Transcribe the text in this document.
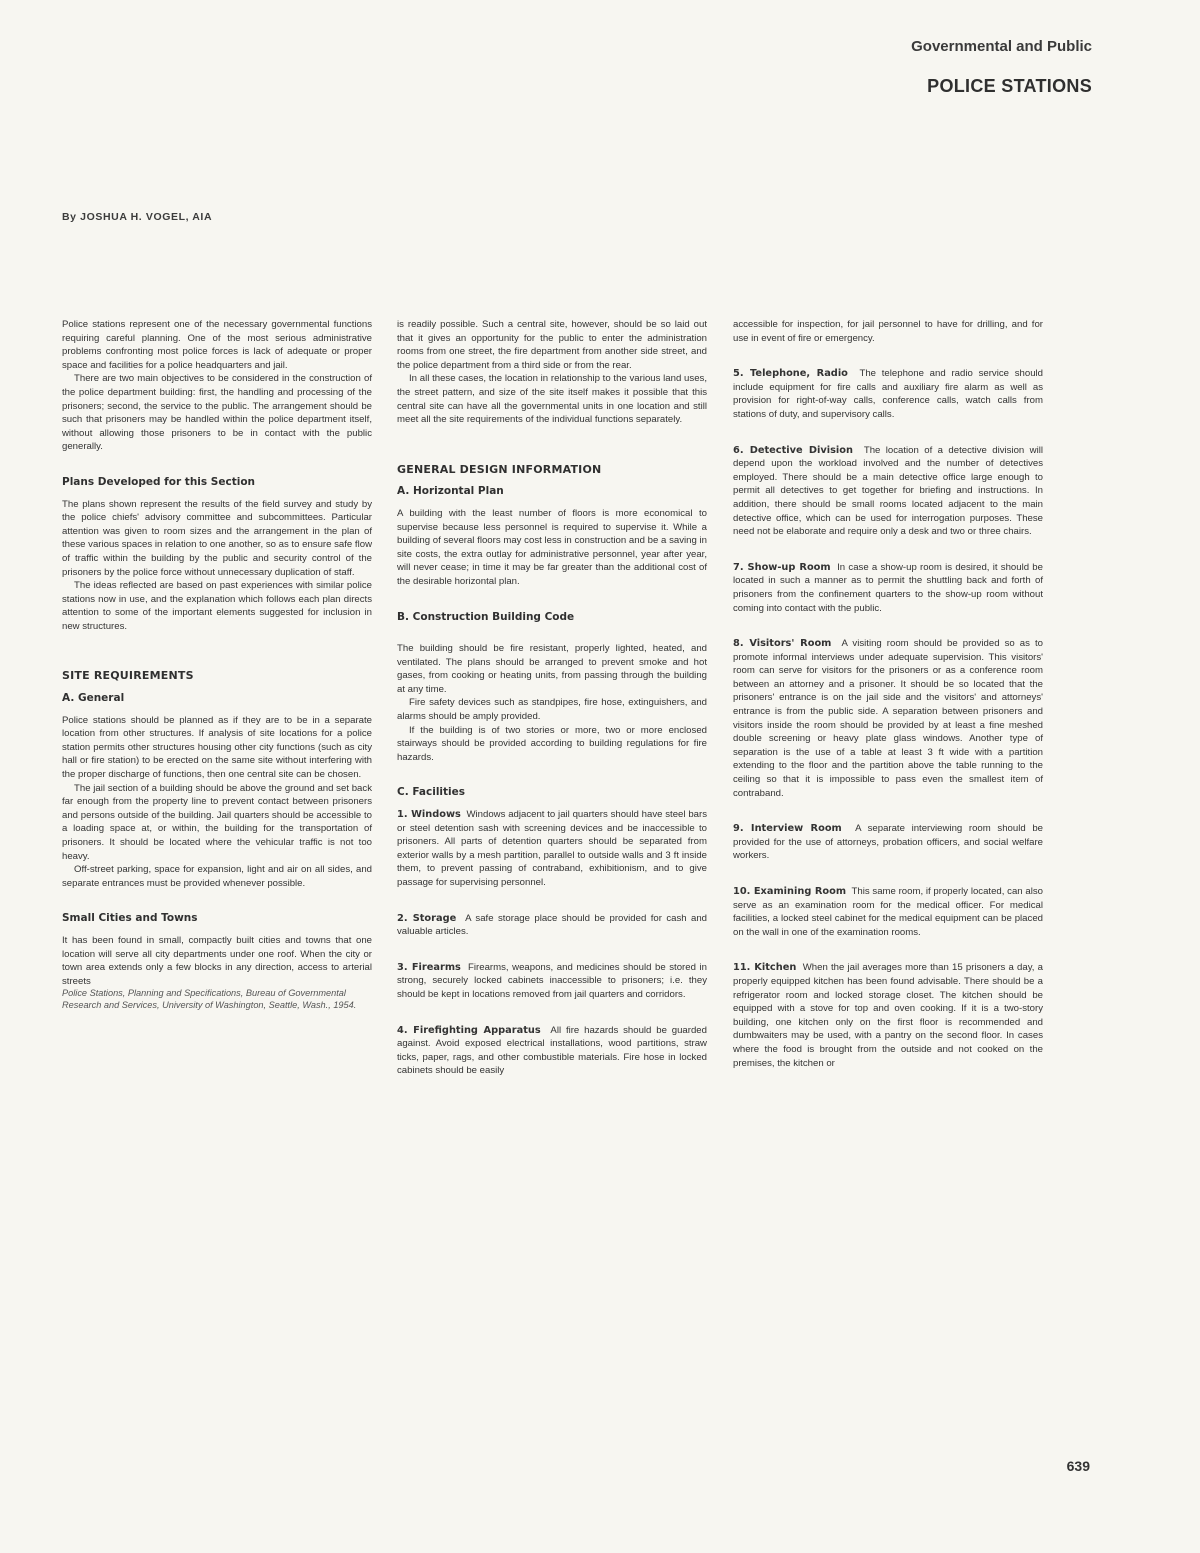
Governmental and Public
POLICE STATIONS
By JOSHUA H. VOGEL, AIA

Police stations represent one of the necessary governmental functions requiring careful planning. One of the most serious administrative problems confronting most police forces is lack of adequate or proper space and facilities for a police headquarters and jail.

There are two main objectives to be considered in the construction of the police department building: first, the handling and processing of the prisoners; second, the service to the public. The arrangement should be such that prisoners may be handled within the police department itself, without allowing those prisoners to be in contact with the public generally.

Plans Developed for this Section

The plans shown represent the results of the field survey and study by the police chiefs' advisory committee and subcommittees. Particular attention was given to room sizes and the arrangement in the plan of these various spaces in relation to one another, so as to ensure safe flow of traffic within the building by the public and security control of the prisoners by the police force without unnecessary duplication of staff.

The ideas reflected are based on past experiences with similar police stations now in use, and the explanation which follows each plan directs attention to some of the important elements suggested for inclusion in new structures.

SITE REQUIREMENTS
A. General

Police stations should be planned as if they are to be in a separate location from other structures. If analysis of site locations for a police station permits other structures housing other city functions (such as city hall or fire station) to be erected on the same site without interfering with the proper discharge of functions, then one central site can be chosen.

The jail section of a building should be above the ground and set back far enough from the property line to prevent contact between prisoners and persons outside of the building. Jail quarters should be accessible to a loading space at, or within, the building for the transportation of prisoners. It should be located where the vehicular traffic is not too heavy.

Off-street parking, space for expansion, light and air on all sides, and separate entrances must be provided whenever possible.

Small Cities and Towns

It has been found in small, compactly built cities and towns that one location will serve all city departments under one roof. When the city or town area extends only a few blocks in any direction, access to arterial streets

Police Stations, Planning and Specifications, Bureau of Governmental Research and Services, University of Washington, Seattle, Wash., 1954.

is readily possible. Such a central site, however, should be so laid out that it gives an opportunity for the public to enter the administration rooms from one street, the fire department from another side street, and the police department from a third side or from the rear.

In all these cases, the location in relationship to the various land uses, the street pattern, and size of the site itself makes it possible that this central site can have all the governmental units in one location and still meet all the site requirements of the individual functions separately.

GENERAL DESIGN INFORMATION
A. Horizontal Plan

A building with the least number of floors is more economical to supervise because less personnel is required to supervise it. While a building of several floors may cost less in construction and be a saving in site costs, the extra outlay for administrative personnel, year after year, will never cease; in time it may be far greater than the additional cost of the desirable horizontal plan.

B. Construction Building Code

The building should be fire resistant, properly lighted, heated, and ventilated. The plans should be arranged to prevent smoke and hot gases, from cooking or heating units, from passing through the building at any time.

Fire safety devices such as standpipes, fire hose, extinguishers, and alarms should be amply provided.

If the building is of two stories or more, two or more enclosed stairways should be provided according to building regulations for fire hazards.

C. Facilities

1. Windows Windows adjacent to jail quarters should have steel bars or steel detention sash with screening devices and be inaccessible to prisoners. All parts of detention quarters should be separated from exterior walls by a mesh partition, parallel to outside walls and 3 ft inside them, to prevent passing of contraband, exhibitionism, and to give passage for supervising personnel.

2. Storage A safe storage place should be provided for cash and valuable articles.

3. Firearms Firearms, weapons, and medicines should be stored in strong, securely locked cabinets inaccessible to prisoners; i.e. they should be kept in locations removed from jail quarters and corridors.

4. Firefighting Apparatus All fire hazards should be guarded against. Avoid exposed electrical installations, wood partitions, straw ticks, paper, rags, and other combustible materials. Fire hose in locked cabinets should be easily

accessible for inspection, for jail personnel to have for drilling, and for use in event of fire or emergency.

5. Telephone, Radio The telephone and radio service should include equipment for fire calls and auxiliary fire alarm as well as provision for right-of-way calls, conference calls, watch calls from stations of duty, and supervisory calls.

6. Detective Division The location of a detective division will depend upon the workload involved and the number of detectives employed. There should be a main detective office large enough to permit all detectives to get together for briefing and instructions. In addition, there should be small rooms located adjacent to the main detective office, which can be used for interrogation purposes. These need not be elaborate and require only a desk and two or three chairs.

7. Show-up Room In case a show-up room is desired, it should be located in such a manner as to permit the shuttling back and forth of prisoners from the confinement quarters to the show-up room without coming into contact with the public.

8. Visitors' Room A visiting room should be provided so as to promote informal interviews under adequate supervision. This visitors' room can serve for visitors for the prisoners or as a conference room between an attorney and a prisoner. It should be so located that the prisoners' entrance is on the jail side and the visitors' and attorneys' entrance is from the public side. A separation between prisoners and visitors inside the room should be provided by at least a fine meshed double screening or heavy plate glass windows. Another type of separation is the use of a table at least 3 ft wide with a partition extending to the floor and the partition above the table running to the ceiling so that it is impossible to pass even the smallest item of contraband.

9. Interview Room A separate interviewing room should be provided for the use of attorneys, probation officers, and social welfare workers.

10. Examining Room This same room, if properly located, can also serve as an examination room for the medical officer. For medical facilities, a locked steel cabinet for the medical equipment can be placed on the wall in one of the examination rooms.

11. Kitchen When the jail averages more than 15 prisoners a day, a properly equipped kitchen has been found advisable. There should be a refrigerator room and locked storage closet. The kitchen should be equipped with a stove for top and oven cooking. If it is a two-story building, one kitchen only on the first floor is recommended and dumbwaiters may be used, with a pantry on the second floor. In cases where the food is brought from the outside and not cooked on the premises, the kitchen or

639
